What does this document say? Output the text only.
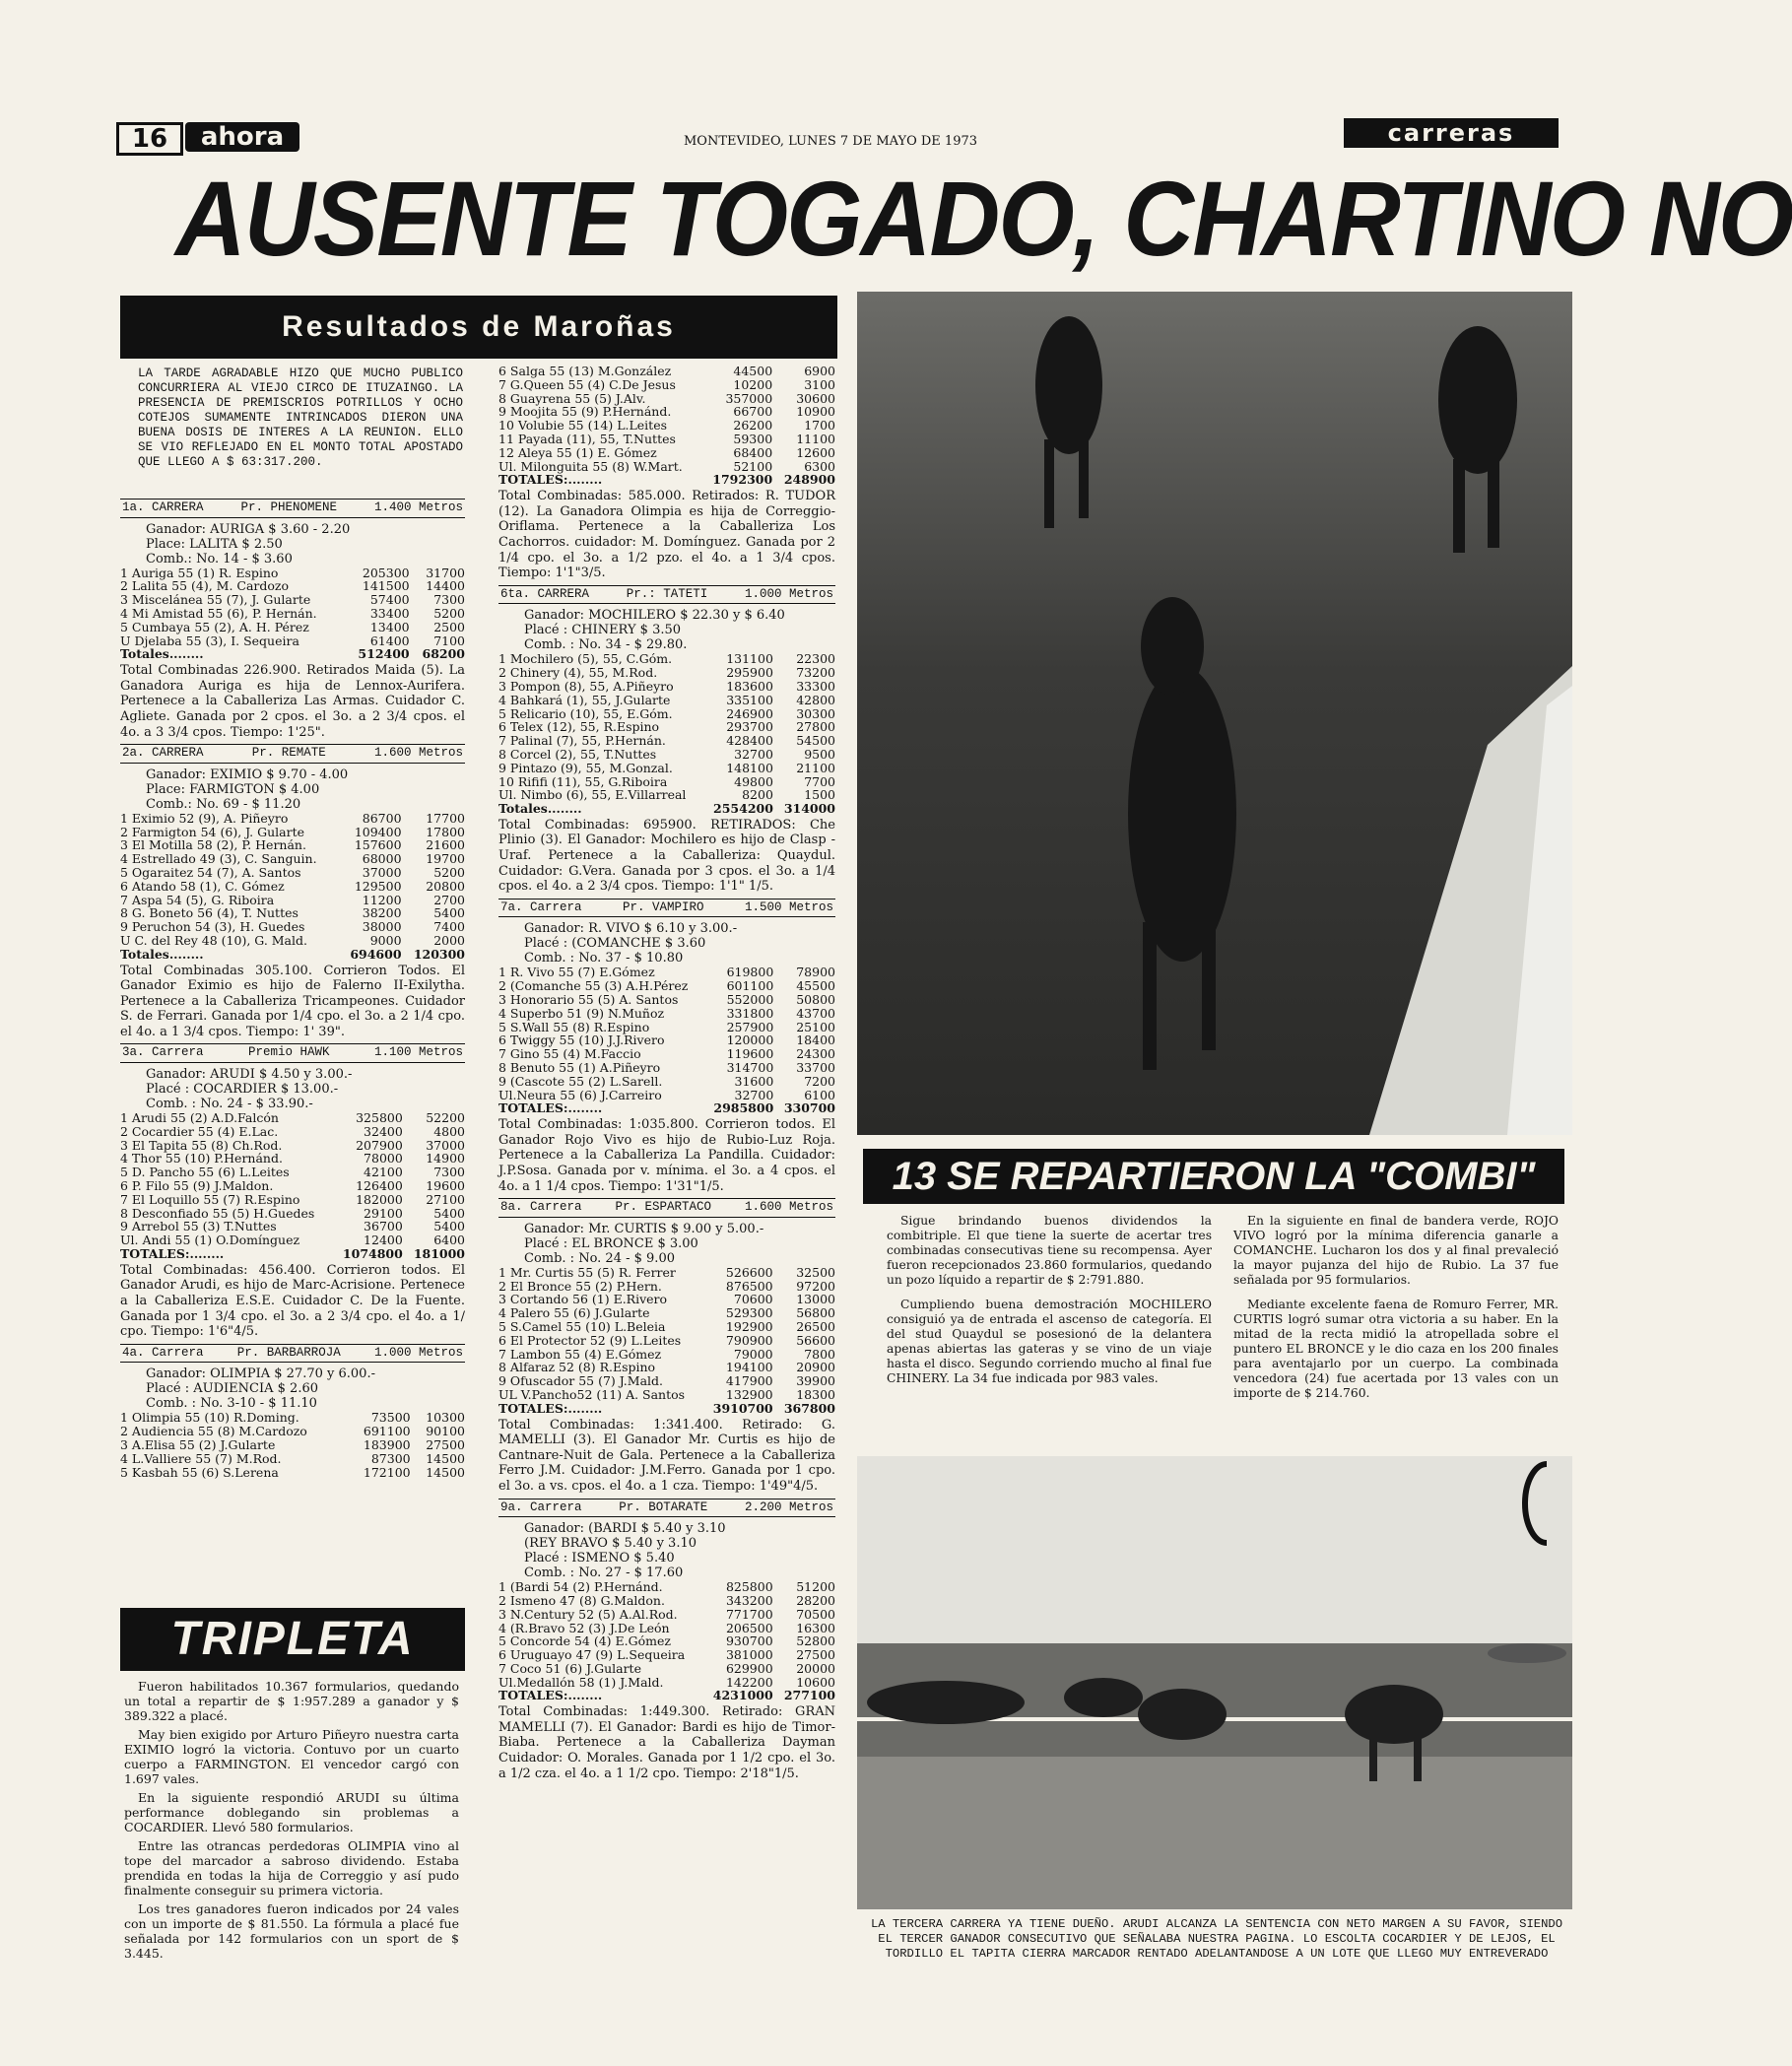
16	ahora	MONTEVIDEO, LUNES 7 DE MAYO DE 1973	carreras
AUSENTE TOGADO, CHARTINO NO
Resultados de Maroñas
LA TARDE AGRADABLE HIZO QUE MUCHO PUBLICO CONCURRIERA AL VIEJO CIRCO DE ITUZAINGO. LA PRESENCIA DE PREMISCRIOS POTRILLOS Y OCHO COTEJOS SUMAMENTE INTRINCADOS DIERON UNA BUENA DOSIS DE INTERES A LA REUNION. ELLO SE VIO REFLEJADO EN EL MONTO TOTAL APOSTADO QUE LLEGO A $ 63:317.200.
1a. CARRERA	Pr. PHENOMENE	1.400 Metros
Ganador: AURIGA $ 3.60 - 2.20
Place: LALITA $ 2.50
Comb.: No. 14 - $ 3.60
1 Auriga 55 (1) R. Espino	205300	31700
2 Lalita 55 (4), M. Cardozo	141500	14400
3 Miscelánea 55 (7), J. Gularte	57400	7300
4 Mi Amistad 55 (6), P. Hernán.	33400	5200
5 Cumbaya 55 (2), A. H. Pérez	13400	2500
U Djelaba 55 (3), I. Sequeira	61400	7100
Totales........	512400	68200

Total Combinadas 226.900. Retirados Maida (5). La Ganadora Auriga es hija de Lennox-Aurifera. Pertenece a la Caballeriza Las Armas. Cuidador C. Agliete. Ganada por 2 cpos. el 3o. a 2 3/4 cpos. el 4o. a 3 3/4 cpos. Tiempo: 1'25".

2a. CARRERA	Pr. REMATE	1.600 Metros
Ganador: EXIMIO $ 9.70 - 4.00
Place: FARMIGTON $ 4.00
Comb.: No. 69 - $ 11.20
1 Eximio 52 (9), A. Piñeyro	86700	17700
2 Farmigton 54 (6), J. Gularte	109400	17800
3 El Motilla 58 (2), P. Hernán.	157600	21600
4 Estrellado 49 (3), C. Sanguin.	68000	19700
5 Ogaraitez 54 (7), A. Santos	37000	5200
6 Atando 58 (1), C. Gómez	129500	20800
7 Aspa 54 (5), G. Riboira	11200	2700
8 G. Boneto 56 (4), T. Nuttes	38200	5400
9 Peruchon 54 (3), H. Guedes	38000	7400
U C. del Rey 48 (10), G. Mald.	9000	2000
Totales........	694600	120300

Total Combinadas 305.100. Corrieron Todos. El Ganador Eximio es hijo de Falerno II-Exilytha. Pertenece a la Caballeriza Tricampeones. Cuidador S. de Ferrari. Ganada por 1/4 cpo. el 3o. a 2 1/4 cpo. el 4o. a 1 3/4 cpos. Tiempo: 1' 39".

3a. Carrera	Premio HAWK	1.100 Metros
Ganador: ARUDI $ 4.50 y 3.00.-
Placé : COCARDIER $ 13.00.-
Comb. : No. 24 - $ 33.90.-
1 Arudi 55 (2) A.D.Falcón	325800	52200
2 Cocardier 55 (4) E.Lac.	32400	4800
3 El Tapita 55 (8) Ch.Rod.	207900	37000
4 Thor 55 (10) P.Hernánd.	78000	14900
5 D. Pancho 55 (6) L.Leites	42100	7300
6 P. Filo 55 (9) J.Maldon.	126400	19600
7 El Loquillo 55 (7) R.Espino	182000	27100
8 Desconfiado 55 (5) H.Guedes	29100	5400
9 Arrebol 55 (3) T.Nuttes	36700	5400
Ul. Andi 55 (1) O.Domínguez	12400	6400
TOTALES:........	1074800	181000

Total Combinadas: 456.400. Corrieron todos. El Ganador Arudi, es hijo de Marc-Acrisione. Pertenece a la Caballeriza E.S.E. Cuidador C. De la Fuente. Ganada por 1 3/4 cpo. el 3o. a 2 3/4 cpo. el 4o. a 1/ cpo. Tiempo: 1'6"4/5.

4a. Carrera	Pr. BARBARROJA	1.000 Metros
Ganador: OLIMPIA $ 27.70 y 6.00.-
Placé : AUDIENCIA $ 2.60
Comb. : No. 3-10 - $ 11.10
1 Olimpia 55 (10) R.Doming.	73500	10300
2 Audiencia 55 (8) M.Cardozo	691100	90100
3 A.Elisa 55 (2) J.Gularte	183900	27500
4 L.Valliere 55 (7) M.Rod.	87300	14500
5 Kasbah 55 (6) S.Lerena	172100	14500
TRIPLETA

Fueron habilitados 10.367 formularios, quedando un total a repartir de $ 1:957.289 a ganador y $ 389.322 a placé.

May bien exigido por Arturo Piñeyro nuestra carta EXIMIO logró la victoria. Contuvo por un cuarto cuerpo a FARMINGTON. El vencedor cargó con 1.697 vales.

En la siguiente respondió ARUDI su última performance doblegando sin problemas a COCARDIER. Llevó 580 formularios.

Entre las otrancas perdedoras OLIMPIA vino al tope del marcador a sabroso dividendo. Estaba prendida en todas la hija de Correggio y así pudo finalmente conseguir su primera victoria.

Los tres ganadores fueron indicados por 24 vales con un importe de $ 81.550. La fórmula a placé fue señalada por 142 formularios con un sport de $ 3.445.

6 Salga 55 (13) M.González	44500	6900
7 G.Queen 55 (4) C.De Jesus	10200	3100
8 Guayrena 55 (5) J.Alv.	357000	30600
9 Moojita 55 (9) P.Hernánd.	66700	10900
10 Volubie 55 (14) L.Leites	26200	1700
11 Payada (11), 55, T.Nuttes	59300	11100
12 Aleya 55 (1) E. Gómez	68400	12600
Ul. Milonguita 55 (8) W.Mart.	52100	6300
TOTALES:........	1792300	248900

Total Combinadas: 585.000. Retirados: R. TUDOR (12). La Ganadora Olimpia es hija de Correggio-Oriflama. Pertenece a la Caballeriza Los Cachorros. cuidador: M. Domínguez. Ganada por 2 1/4 cpo. el 3o. a 1/2 pzo. el 4o. a 1 3/4 cpos. Tiempo: 1'1"3/5.

6ta. CARRERA	Pr.: TATETI	1.000 Metros
Ganador: MOCHILERO $ 22.30 y $ 6.40
Placé : CHINERY $ 3.50
Comb. : No. 34 - $ 29.80.
1 Mochilero (5), 55, C.Góm.	131100	22300
2 Chinery (4), 55, M.Rod.	295900	73200
3 Pompon (8), 55, A.Piñeyro	183600	33300
4 Bahkará (1), 55, J.Gularte	335100	42800
5 Relicario (10), 55, E.Góm.	246900	30300
6 Telex (12), 55, R.Espino	293700	27800
7 Palinal (7), 55, P.Hernán.	428400	54500
8 Corcel (2), 55, T.Nuttes	32700	9500
9 Pintazo (9), 55, M.Gonzal.	148100	21100
10 Rififi (11), 55, G.Riboira	49800	7700
Ul. Nimbo (6), 55, E.Villarreal	8200	1500
Totales........	2554200	314000

Total Combinadas: 695900. RETIRADOS: Che Plinio (3). El Ganador: Mochilero es hijo de Clasp - Uraf. Pertenece a la Caballeriza: Quaydul. Cuidador: G.Vera. Ganada por 3 cpos. el 3o. a 1/4 cpos. el 4o. a 2 3/4 cpos. Tiempo: 1'1" 1/5.

7a. Carrera	Pr. VAMPIRO	1.500 Metros
Ganador: R. VIVO $ 6.10 y 3.00.-
Placé : (COMANCHE $ 3.60
Comb. : No. 37 - $ 10.80
1 R. Vivo 55 (7) E.Gómez	619800	78900
2 (Comanche 55 (3) A.H.Pérez	601100	45500
3 Honorario 55 (5) A. Santos	552000	50800
4 Superbo 51 (9) N.Muñoz	331800	43700
5 S.Wall 55 (8) R.Espino	257900	25100
6 Twiggy 55 (10) J.J.Rivero	120000	18400
7 Gino 55 (4) M.Faccio	119600	24300
8 Benuto 55 (1) A.Piñeyro	314700	33700
9 (Cascote 55 (2) L.Sarell.	31600	7200
Ul.Neura 55 (6) J.Carreiro	32700	6100
TOTALES:........	2985800	330700

Total Combinadas: 1:035.800. Corrieron todos. El Ganador Rojo Vivo es hijo de Rubio-Luz Roja. Pertenece a la Caballeriza La Pandilla. Cuidador: J.P.Sosa. Ganada por v. mínima. el 3o. a 4 cpos. el 4o. a 1 1/4 cpos. Tiempo: 1'31"1/5.

8a. Carrera	Pr. ESPARTACO	1.600 Metros
Ganador: Mr. CURTIS $ 9.00 y 5.00.-
Placé : EL BRONCE $ 3.00
Comb. : No. 24 - $ 9.00
1 Mr. Curtis 55 (5) R. Ferrer	526600	32500
2 El Bronce 55 (2) P.Hern.	876500	97200
3 Cortando 56 (1) E.Rivero	70600	13000
4 Palero 55 (6) J.Gularte	529300	56800
5 S.Camel 55 (10) L.Beleia	192900	26500
6 El Protector 52 (9) L.Leites	790900	56600
7 Lambon 55 (4) E.Gómez	79000	7800
8 Alfaraz 52 (8) R.Espino	194100	20900
9 Ofuscador 55 (7) J.Mald.	417900	39900
UL V.Pancho52 (11) A. Santos	132900	18300
TOTALES:........	3910700	367800

Total Combinadas: 1:341.400. Retirado: G. MAMELLI (3). El Ganador Mr. Curtis es hijo de Cantnare-Nuit de Gala. Pertenece a la Caballeriza Ferro J.M. Cuidador: J.M.Ferro. Ganada por 1 cpo. el 3o. a vs. cpos. el 4o. a 1 cza. Tiempo: 1'49"4/5.

9a. Carrera	Pr. BOTARATE	2.200 Metros
Ganador: (BARDI $ 5.40 y 3.10
(REY BRAVO $ 5.40 y 3.10
Placé : ISMENO $ 5.40
Comb. : No. 27 - $ 17.60
1 (Bardi 54 (2) P.Hernánd.	825800	51200
2 Ismeno 47 (8) G.Maldon.	343200	28200
3 N.Century 52 (5) A.Al.Rod.	771700	70500
4 (R.Bravo 52 (3) J.De León	206500	16300
5 Concorde 54 (4) E.Gómez	930700	52800
6 Uruguayo 47 (9) L.Sequeira	381000	27500
7 Coco 51 (6) J.Gularte	629900	20000
Ul.Medallón 58 (1) J.Mald.	142200	10600
TOTALES:........	4231000	277100

Total Combinadas: 1:449.300. Retirado: GRAN MAMELLI (7). El Ganador: Bardi es hijo de Timor-Biaba. Pertenece a la Caballeriza Dayman Cuidador: O. Morales. Ganada por 1 1/2 cpo. el 3o. a 1/2 cza. el 4o. a 1 1/2 cpo. Tiempo: 2'18"1/5.

13 SE REPARTIERON LA "COMBI"

Sigue brindando buenos dividendos la combitriple. El que tiene la suerte de acertar tres combinadas consecutivas tiene su recompensa. Ayer fueron recepcionados 23.860 formularios, quedando un pozo líquido a repartir de $ 2:791.880.

Cumpliendo buena demostración MOCHILERO consiguió ya de entrada el ascenso de categoría. El del stud Quaydul se posesionó de la delantera apenas abiertas las gateras y se vino de un viaje hasta el disco. Segundo corriendo mucho al final fue CHINERY. La 34 fue indicada por 983 vales.

En la siguiente en final de bandera verde, ROJO VIVO logró por la mínima diferencia ganarle a COMANCHE. Lucharon los dos y al final prevaleció la mayor pujanza del hijo de Rubio. La 37 fue señalada por 95 formularios.

Mediante excelente faena de Romuro Ferrer, MR. CURTIS logró sumar otra victoria a su haber. En la mitad de la recta midió la atropellada sobre el puntero EL BRONCE y le dio caza en los 200 finales para aventajarlo por un cuerpo. La combinada vencedora (24) fue acertada por 13 vales con un importe de $ 214.760.

LA TERCERA CARRERA YA TIENE DUEÑO. ARUDI ALCANZA LA SENTENCIA CON NETO MARGEN A SU FAVOR, SIENDO EL TERCER GANADOR CONSECUTIVO QUE SEÑALABA NUESTRA PAGINA. LO ESCOLTA COCARDIER Y DE LEJOS, EL TORDILLO EL TAPITA CIERRA MARCADOR RENTADO ADELANTANDOSE A UN LOTE QUE LLEGO MUY ENTREVERADO
